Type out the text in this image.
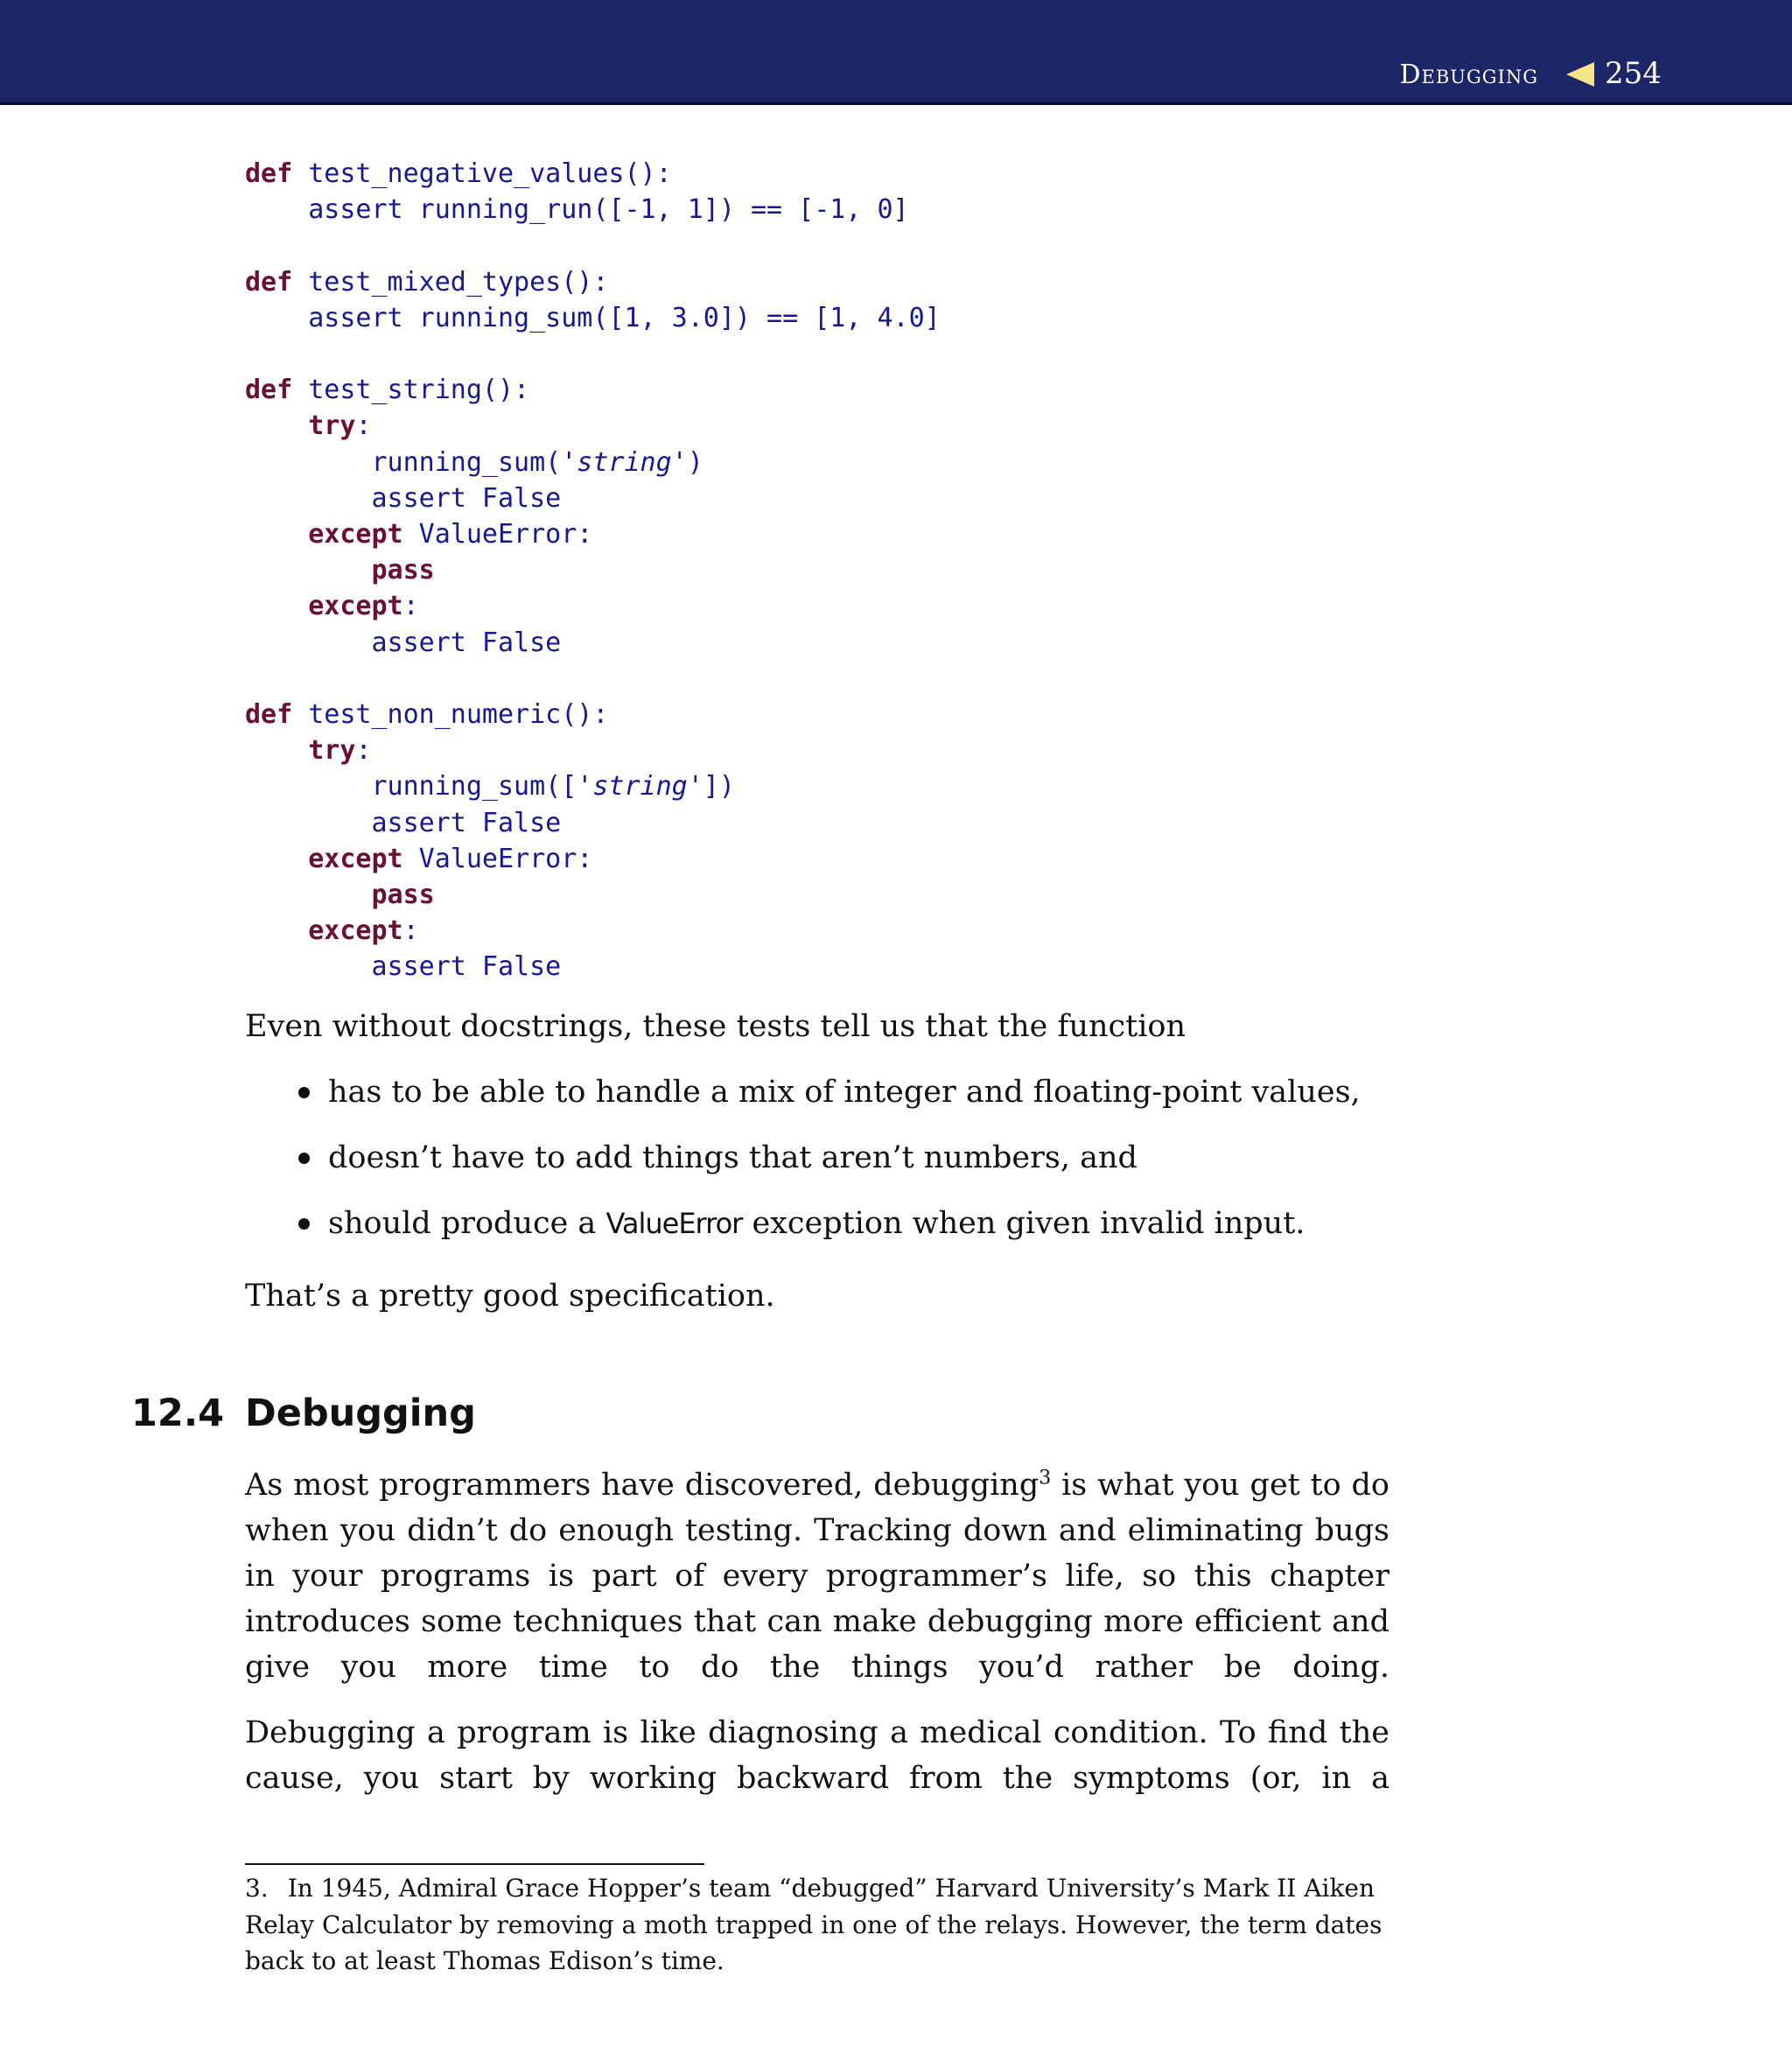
Debugging 254
def test_negative_values():
assert running_run([-1, 1]) == [-1, 0]

def test_mixed_types():
assert running_sum([1, 3.0]) == [1, 4.0]

def test_string():
try:
running_sum('string')
assert False
except ValueError:
pass
except:
assert False

def test_non_numeric():
try:
running_sum(['string'])
assert False
except ValueError:
pass
except:
assert False

Even without docstrings, these tests tell us that the function

has to be able to handle a mix of integer and floating-point values,
doesn’t have to add things that aren’t numbers, and
should produce a ValueError exception when given invalid input.

That’s a pretty good specification.

12.4 Debugging

As most programmers have discovered, debugging$^3$ is what you get to do when you didn’t do enough testing. Tracking down and eliminating bugs in your programs is part of every programmer’s life, so this chapter introduces some techniques that can make debugging more efficient and give you more time to do the things you’d rather be doing.

Debugging a program is like diagnosing a medical condition. To find the cause, you start by working backward from the symptoms (or, in a

3. In 1945, Admiral Grace Hopper’s team “debugged” Harvard University’s Mark II Aiken Relay Calculator by removing a moth trapped in one of the relays. However, the term dates back to at least Thomas Edison’s time.
